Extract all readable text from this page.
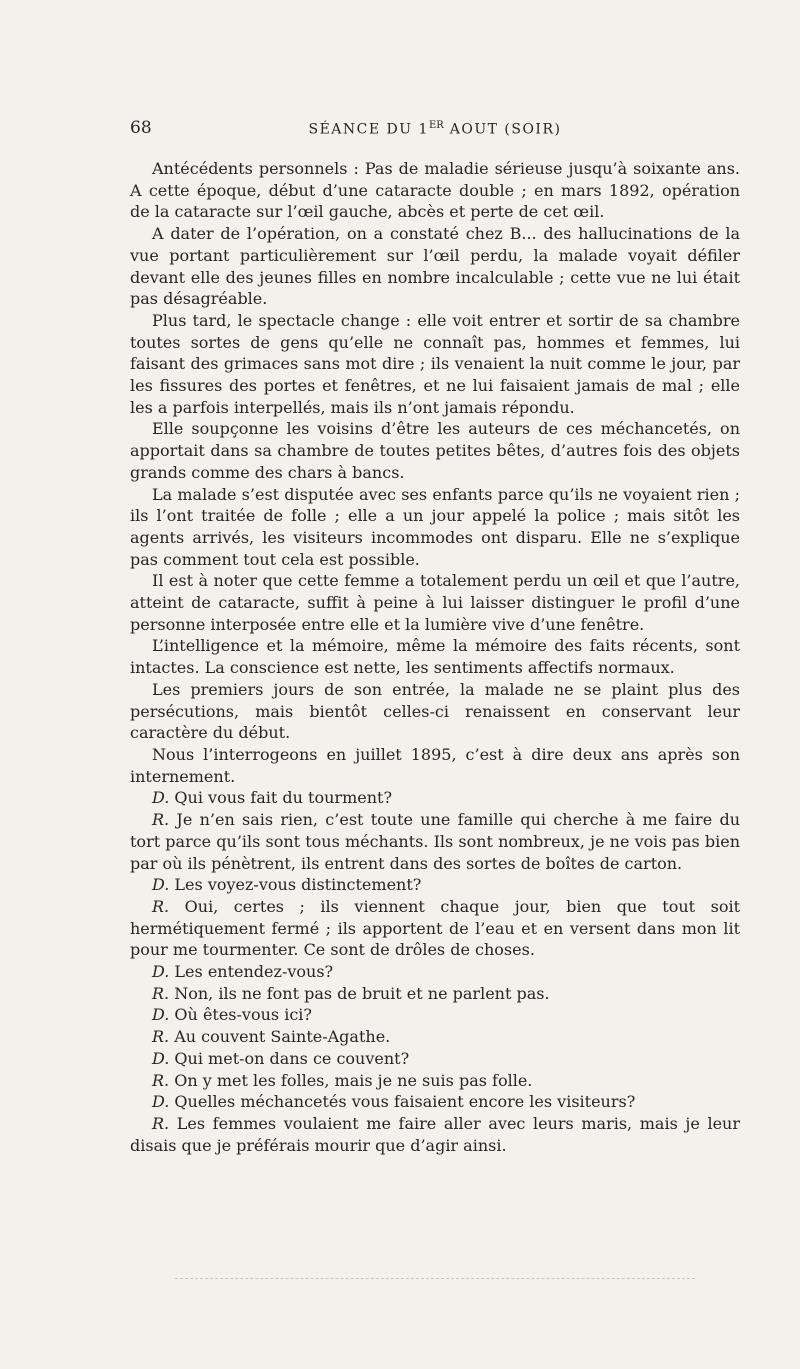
68	SÉANCE DU 1ER AOUT (SOIR)

Antécédents personnels : Pas de maladie sérieuse jusqu’à soixante ans. A cette époque, début d’une cataracte double ; en mars 1892, opération de la cataracte sur l’œil gauche, abcès et perte de cet œil.

A dater de l’opération, on a constaté chez B... des hallucinations de la vue portant particulièrement sur l’œil perdu, la malade voyait défiler devant elle des jeunes filles en nombre incalculable ; cette vue ne lui était pas désagréable.

Plus tard, le spectacle change : elle voit entrer et sortir de sa chambre toutes sortes de gens qu’elle ne connaît pas, hommes et femmes, lui faisant des grimaces sans mot dire ; ils venaient la nuit comme le jour, par les fissures des portes et fenêtres, et ne lui faisaient jamais de mal ; elle les a parfois interpellés, mais ils n’ont jamais répondu.

Elle soupçonne les voisins d’être les auteurs de ces méchancetés, on apportait dans sa chambre de toutes petites bêtes, d’autres fois des objets grands comme des chars à bancs.

La malade s’est disputée avec ses enfants parce qu’ils ne voyaient rien ; ils l’ont traitée de folle ; elle a un jour appelé la police ; mais sitôt les agents arrivés, les visiteurs incommodes ont disparu. Elle ne s’explique pas comment tout cela est possible.

Il est à noter que cette femme a totalement perdu un œil et que l’autre, atteint de cataracte, suffit à peine à lui laisser distinguer le profil d’une personne interposée entre elle et la lumière vive d’une fenêtre.

L’intelligence et la mémoire, même la mémoire des faits récents, sont intactes. La conscience est nette, les sentiments affectifs normaux.

Les premiers jours de son entrée, la malade ne se plaint plus des persécutions, mais bientôt celles-ci renaissent en conservant leur caractère du début.

Nous l’interrogeons en juillet 1895, c’est à dire deux ans après son internement.

D. Qui vous fait du tourment?

R. Je n’en sais rien, c’est toute une famille qui cherche à me faire du tort parce qu’ils sont tous méchants. Ils sont nombreux, je ne vois pas bien par où ils pénètrent, ils entrent dans des sortes de boîtes de carton.

D. Les voyez-vous distinctement?

R. Oui, certes ; ils viennent chaque jour, bien que tout soit hermétiquement fermé ; ils apportent de l’eau et en versent dans mon lit pour me tourmenter. Ce sont de drôles de choses.

D. Les entendez-vous?

R. Non, ils ne font pas de bruit et ne parlent pas.

D. Où êtes-vous ici?

R. Au couvent Sainte-Agathe.

D. Qui met-on dans ce couvent?

R. On y met les folles, mais je ne suis pas folle.

D. Quelles méchancetés vous faisaient encore les visiteurs?

R. Les femmes voulaient me faire aller avec leurs maris, mais je leur disais que je préférais mourir que d’agir ainsi.
